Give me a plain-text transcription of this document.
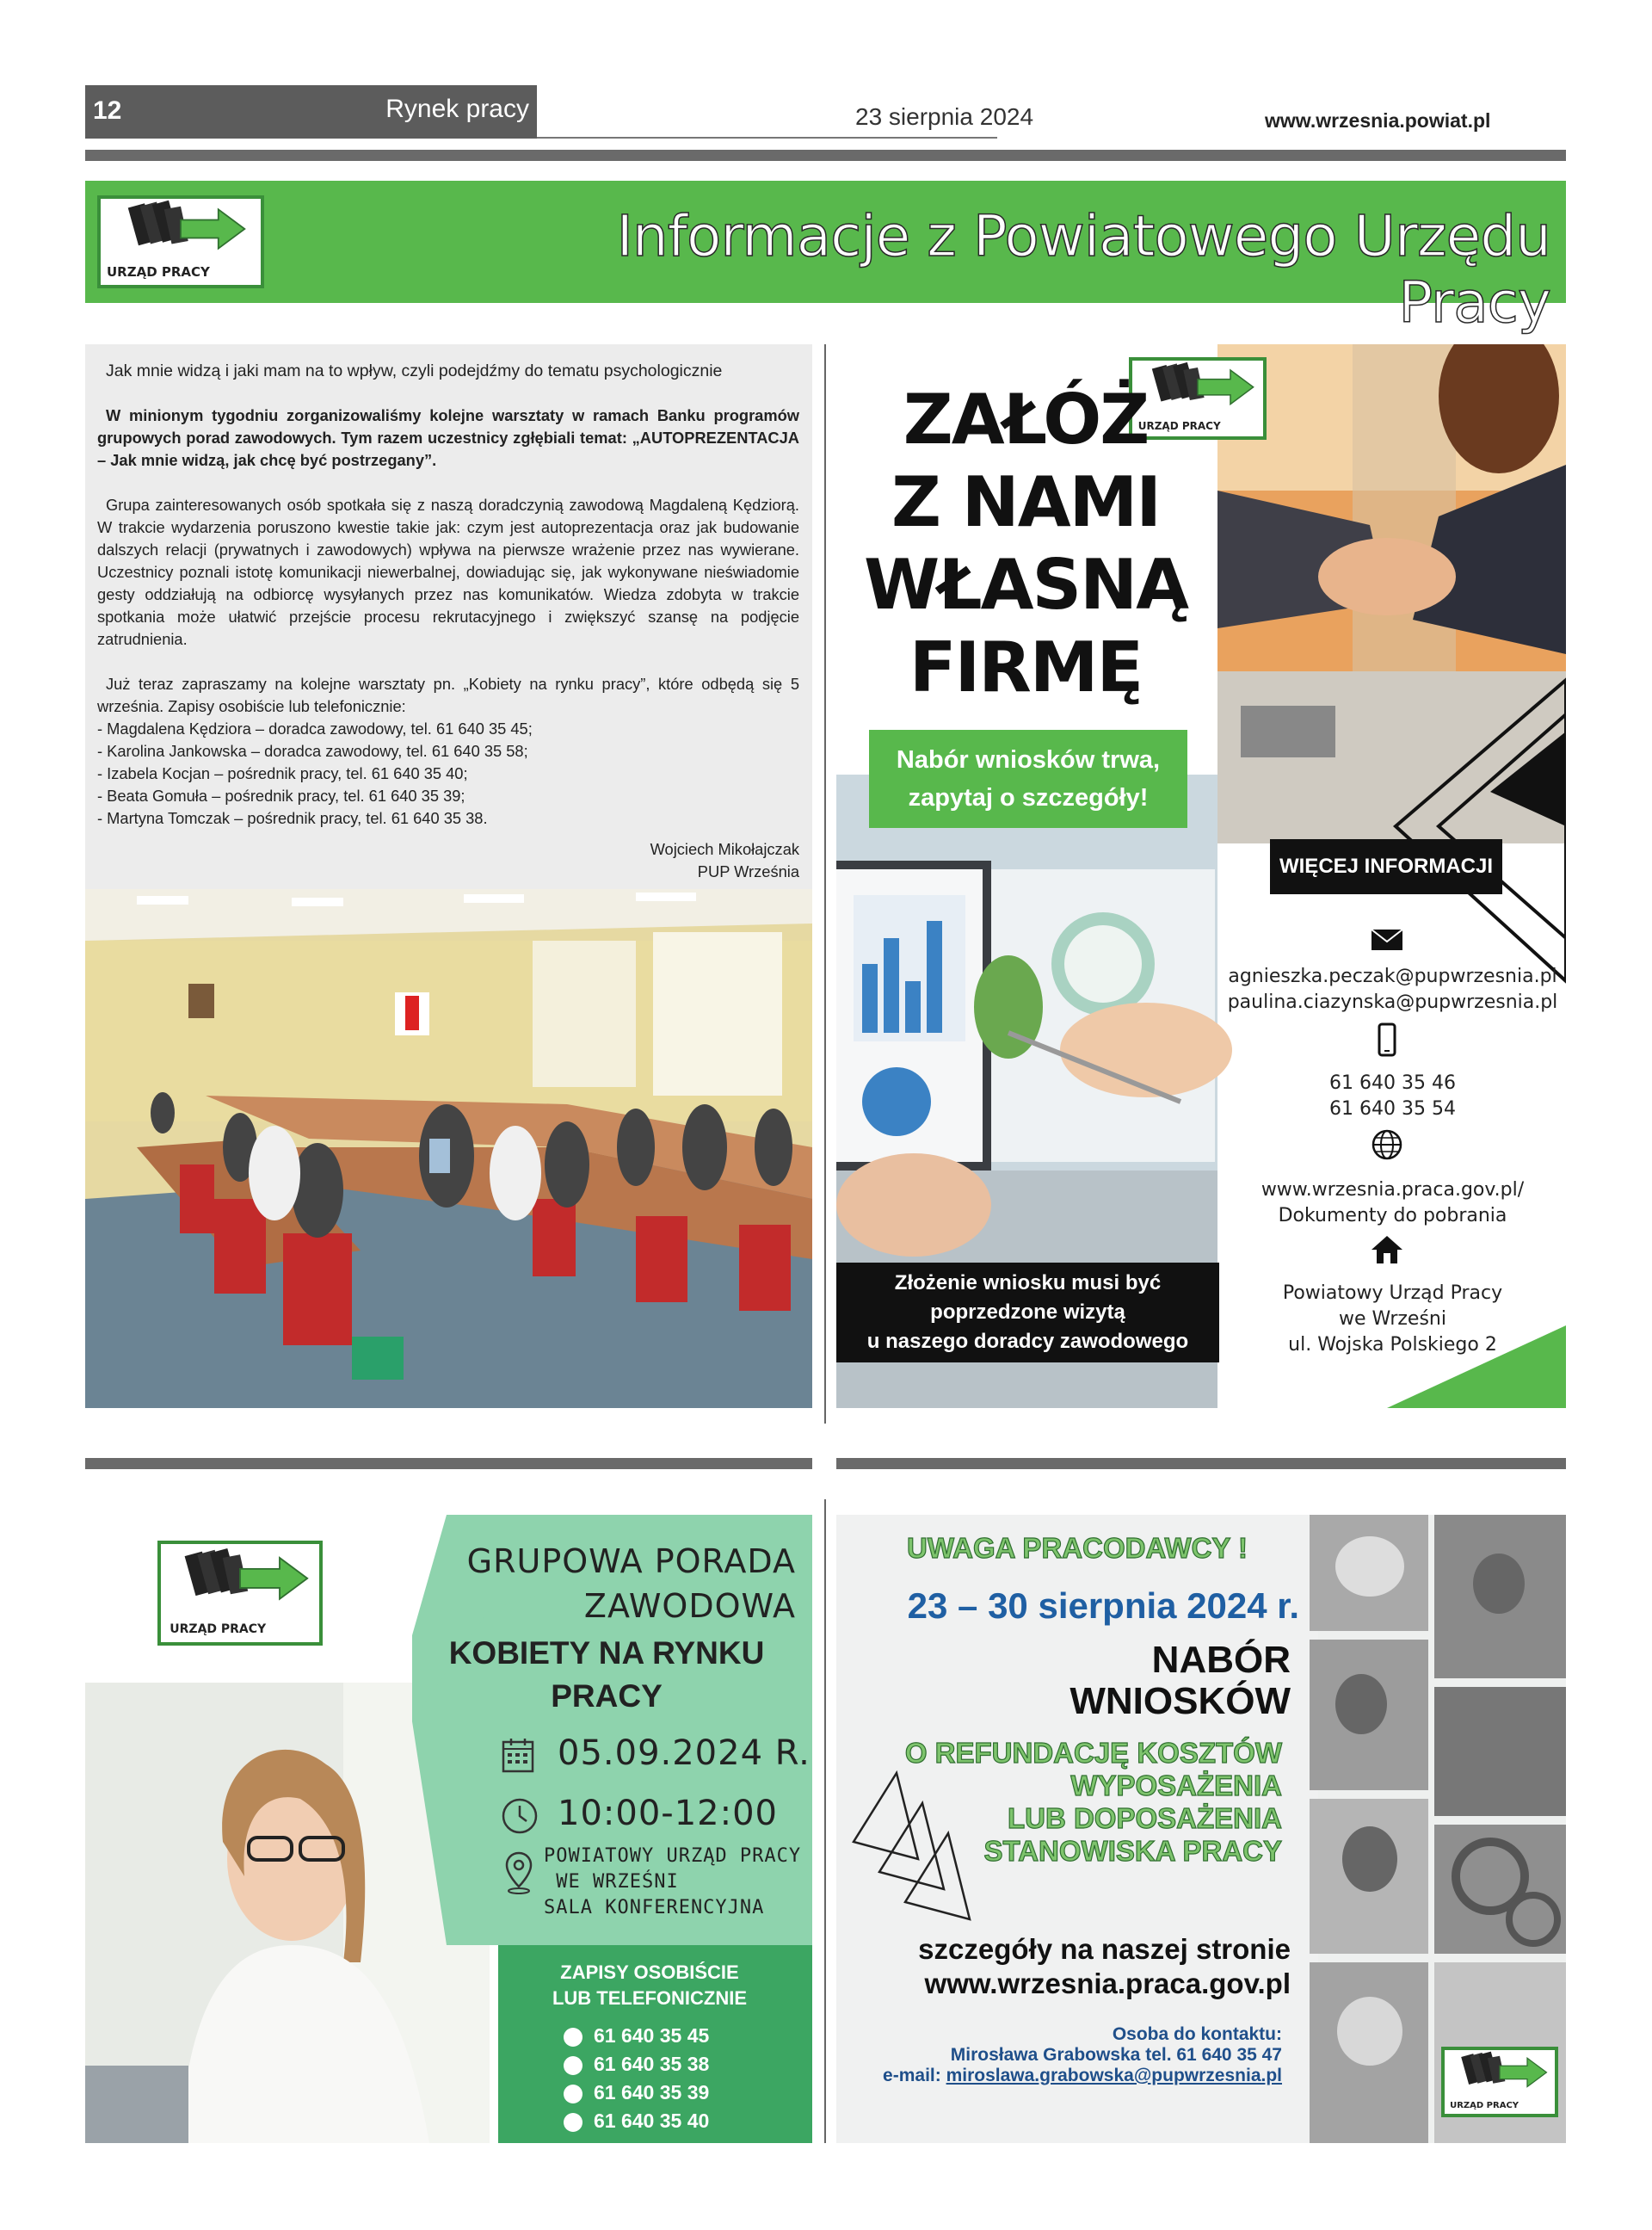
12	Rynek pracy	23 sierpnia 2024	www.wrzesnia.powiat.pl
URZĄD PRACY
Informacje z Powiatowego Urzędu Pracy

Jak mnie widzą i jaki mam na to wpływ, czyli podejdźmy do tematu psychologicznie

W minionym tygodniu zorganizowaliśmy kolejne warsztaty w ramach Banku programów grupowych porad zawodowych. Tym razem uczestnicy zgłębiali temat: „AUTOPREZENTACJA – Jak mnie widzą, jak chcę być postrzegany”.

Grupa zainteresowanych osób spotkała się z naszą doradczynią zawodową Magdaleną Kędziorą. W trakcie wydarzenia poruszono kwestie takie jak: czym jest autoprezentacja oraz jak budowanie dalszych relacji (prywatnych i zawodowych) wpływa na pierwsze wrażenie przez nas wywierane. Uczestnicy poznali istotę komunikacji niewerbalnej, dowiadując się, jak wykonywane nieświadomie gesty oddziałują na odbiorcę wysyłanych przez nas komunikatów. Wiedza zdobyta w trakcie spotkania może ułatwić przejście procesu rekrutacyjnego i zwiększyć szansę na podjęcie zatrudnienia.

Już teraz zapraszamy na kolejne warsztaty pn. „Kobiety na rynku pracy”, które odbędą się 5 września. Zapisy osobiście lub telefonicznie:

- Magdalena Kędziora – doradca zawodowy, tel. 61 640 35 45;
- Karolina Jankowska – doradca zawodowy, tel. 61 640 35 58;
- Izabela Kocjan – pośrednik pracy, tel. 61 640 35 40;
- Beata Gomuła – pośrednik pracy, tel. 61 640 35 39;
- Martyna Tomczak – pośrednik pracy, tel. 61 640 35 38.
Wojciech Mikołajczak
PUP Września
URZĄD PRACY
ZAŁÓŻ
Z NAMI
WŁASNĄ
FIRMĘ
Nabór wniosków trwa,
zapytaj o szczegóły!
WIĘCEJ INFORMACJI
Złożenie wniosku musi być
poprzedzone wizytą
u naszego doradcy zawodowego
agnieszka.peczak@pupwrzesnia.pl
paulina.ciazynska@pupwrzesnia.pl
61 640 35 46
61 640 35 54
www.wrzesnia.praca.gov.pl/
Dokumenty do pobrania
Powiatowy Urząd Pracy
we Wrześni
ul. Wojska Polskiego 2
URZĄD PRACY
GRUPOWA PORADA
ZAWODOWA
KOBIETY NA RYNKU
PRACY
05.09.2024 R.
10:00-12:00
POWIATOWY URZĄD PRACY
WE WRZEŚNI
SALA KONFERENCYJNA
ZAPISY OSOBIŚCIE
LUB TELEFONICZNIE
61 640 35 45
61 640 35 38
61 640 35 39
61 640 35 40
UWAGA PRACODAWCY !
23 – 30 sierpnia 2024 r.
NABÓR
WNIOSKÓW
O REFUNDACJĘ KOSZTÓW
WYPOSAŻENIA
LUB DOPOSAŻENIA
STANOWISKA PRACY
szczegóły na naszej stronie
www.wrzesnia.praca.gov.pl
Osoba do kontaktu:
Mirosława Grabowska tel. 61 640 35 47
e-mail: miroslawa.grabowska@pupwrzesnia.pl
URZĄD PRACY
